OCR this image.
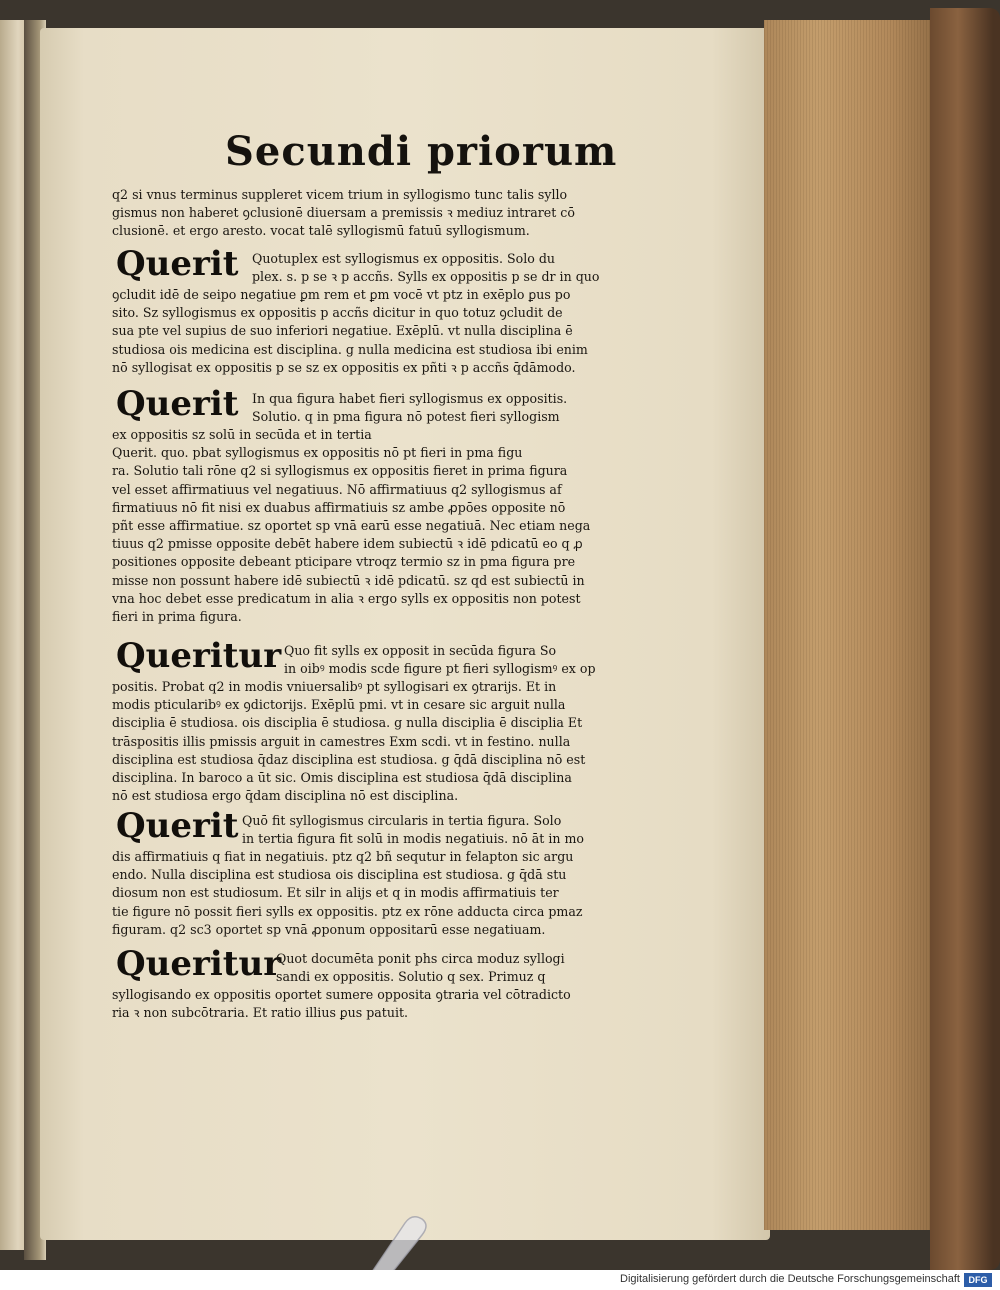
Secundi priorum
q2 si vnus terminus suppleret vicem trium in syllogismo tunc talis syllo
gismus non haberet ꝯclusionē diuersam a premissis ꝛ mediuz intraret cō
clusionē. et ergo aresto. vocat talē syllogismū fatuū syllogismum.
Querit Quotuplex est syllogismus ex oppositis. Solo du
plex. s. p se ꝛ p accñs. Sylls ex oppositis p se dr in quo
ꝯcludit idē de seipo negatiue ꝑm rem et ꝑm vocē vt ptz in exēplo ꝑus po
sito. Sz syllogismus ex oppositis p accñs dicitur in quo totuz ꝯcludit de
sua pte vel supius de suo inferiori negatiue. Exēplū. vt nulla disciplina ē
studiosa ois medicina est disciplina. g nulla medicina est studiosa ibi enim
nō syllogisat ex oppositis p se sz ex oppositis ex pñti ꝛ p accñs q̄dāmodo.
Querit In qua figura habet fieri syllogismus ex oppositis.
Solutio. q in pma figura nō potest fieri syllogism
ex oppositis sz solū in secūda et in tertia
Querit. quo. pbat syllogismus ex oppositis nō pt fieri in pma figu
ra. Solutio tali rōne q2 si syllogismus ex oppositis fieret in prima figura
vel esset affirmatiuus vel negatiuus. Nō affirmatiuus q2 syllogismus af
firmatiuus nō fit nisi ex duabus affirmatiuis sz ambe ꝓpōes opposite nō
pñt esse affirmatiue. sz oportet sp vnā earū esse negatiuā. Nec etiam nega
tiuus q2 pmisse opposite debēt habere idem subiectū ꝛ idē pdicatū eo q ꝓ
positiones opposite debeant pticipare vtroqz termio sz in pma figura pre
misse non possunt habere idē subiectū ꝛ idē pdicatū. sz qd est subiectū in
vna hoc debet esse predicatum in alia ꝛ ergo sylls ex oppositis non potest
fieri in prima figura.
Queritur Quo fit sylls ex opposit in secūda figura So
in oibꝰ modis scde figure pt fieri syllogismꝰ ex op
positis. Probat q2 in modis vniuersalibꝰ pt syllogisari ex ꝯtrarijs. Et in
modis pticularibꝰ ex ꝯdictorijs. Exēplū pmi. vt in cesare sic arguit nulla
disciplia ē studiosa. ois disciplia ē studiosa. g nulla disciplia ē disciplia Et
trāspositis illis pmissis arguit in camestres Exm scdi. vt in festino. nulla
disciplina est studiosa q̄daz disciplina est studiosa. g q̄dā disciplina nō est
disciplina. In baroco a ūt sic. Omis disciplina est studiosa q̄dā disciplina
nō est studiosa ergo q̄dam disciplina nō est disciplina.
Querit Quō fit syllogismus circularis in tertia figura. Solo
in tertia figura fit solū in modis negatiuis. nō āt in mo
dis affirmatiuis q fiat in negatiuis. ptz q2 bñ sequtur in felapton sic argu
endo. Nulla disciplina est studiosa ois disciplina est studiosa. g q̄dā stu
diosum non est studiosum. Et silr in alijs et q in modis affirmatiuis ter
tie figure nō possit fieri sylls ex oppositis. ptz ex rōne adducta circa pmaz
figuram. q2 sc3 oportet sp vnā ꝓponum oppositarū esse negatiuam.
Queritur
Quot documēta ponit phs circa moduz syllogi
sandi ex oppositis. Solutio q sex. Primuz q
syllogisando ex oppositis oportet sumere opposita ꝯtraria vel cōtradicto
ria ꝛ non subcōtraria. Et ratio illius ꝑus patuit.
Digitalisierung gefördert durch die Deutsche Forschungsgemeinschaft DFG
